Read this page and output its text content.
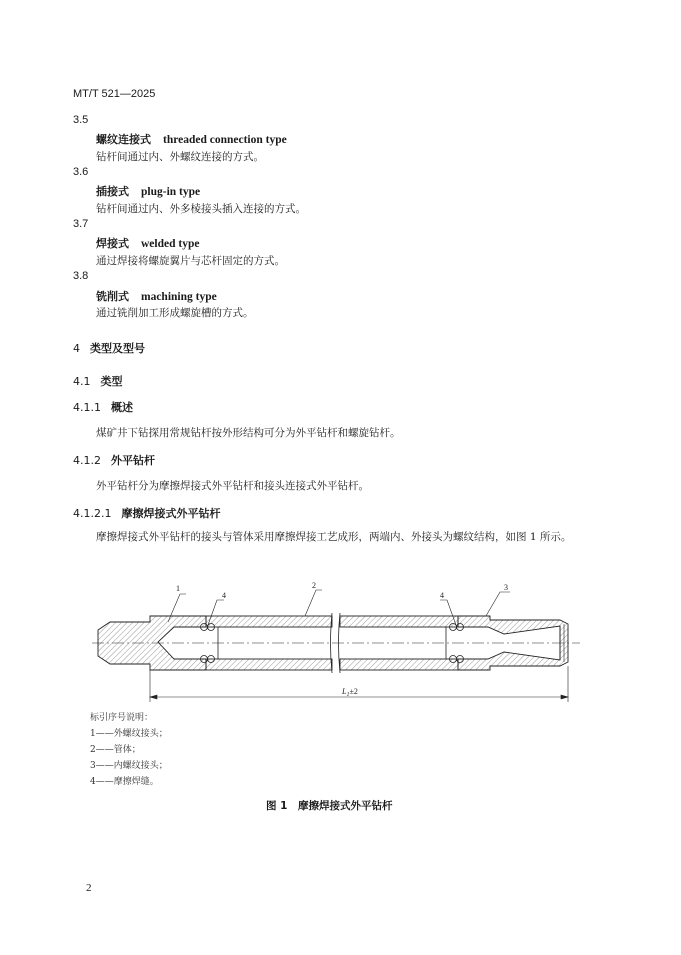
MT/T 521—2025
3.5
螺纹连接式 threaded connection type
钻杆间通过内、外螺纹连接的方式。
3.6
插接式 plug-in type
钻杆间通过内、外多棱接头插入连接的方式。
3.7
焊接式 welded type
通过焊接将螺旋翼片与芯杆固定的方式。
3.8
铣削式 machining type
通过铣削加工形成螺旋槽的方式。
4 类型及型号
4.1 类型
4.1.1 概述
煤矿井下钻探用常规钻杆按外形结构可分为外平钻杆和螺旋钻杆。
4.1.2 外平钻杆
外平钻杆分为摩擦焊接式外平钻杆和接头连接式外平钻杆。
4.1.2.1 摩擦焊接式外平钻杆
摩擦焊接式外平钻杆的接头与管体采用摩擦焊接工艺成形，两端内、外接头为螺纹结构，如图 1 所示。
1	2	3
4	4
$L_1\pm 2$
标引序号说明：
1——外螺纹接头；
2——管体；
3——内螺纹接头；
4——摩擦焊缝。
图 1　摩擦焊接式外平钻杆
2
